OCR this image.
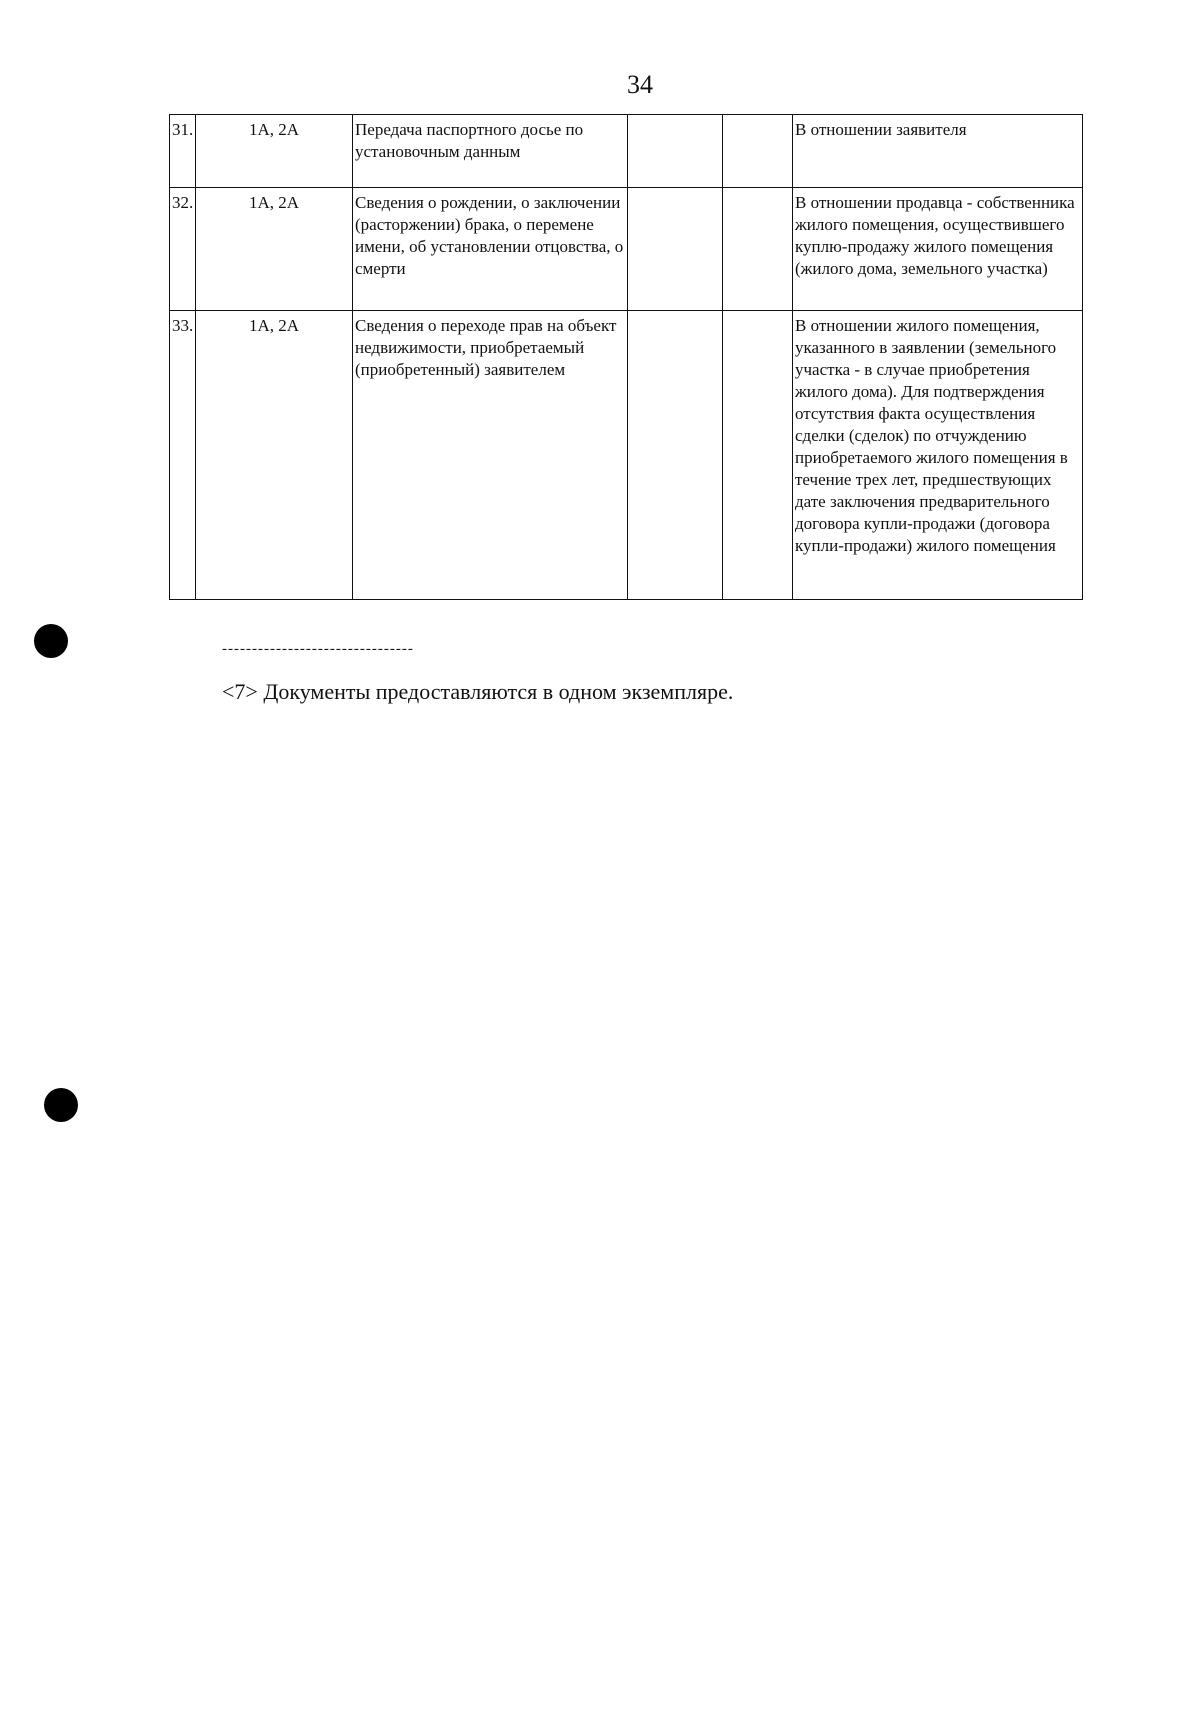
34
31.	1А, 2А	Передача паспортного досье по установочным данным			В отношении заявителя
32.	1А, 2А	Сведения о рождении, о заключении (расторжении) брака, о перемене имени, об установлении отцовства, о смерти			В отношении продавца - собственника жилого помещения, осуществившего куплю-продажу жилого помещения (жилого дома, земельного участка)
33.	1А, 2А	Сведения о переходе прав на объект недвижимости, приобретаемый (приобретенный) заявителем			В отношении жилого помещения, указанного в заявлении (земельного участка - в случае приобретения жилого дома). Для подтверждения отсутствия факта осуществления сделки (сделок) по отчуждению приобретаемого жилого помещения в течение трех лет, предшествующих дате заключения предварительного договора купли-продажи (договора купли-продажи) жилого помещения
--------------------------------
<7> Документы предоставляются в одном экземпляре.
